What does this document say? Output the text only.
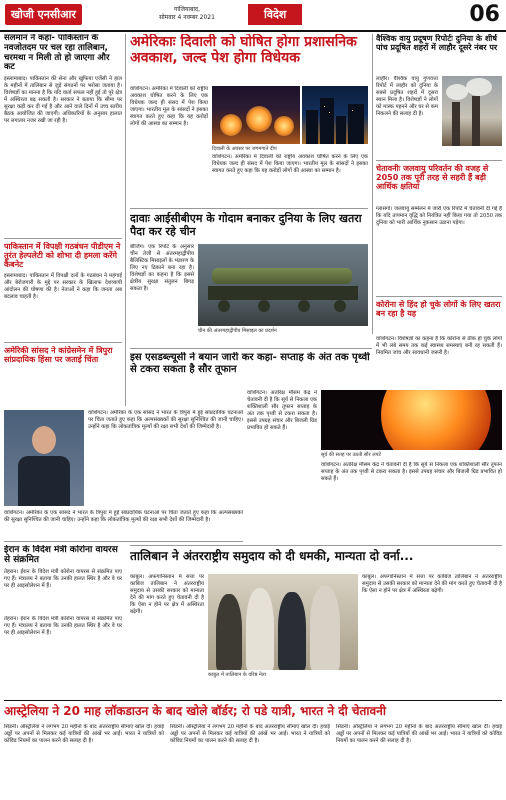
खोजी एनसीआर	गाजियाबाद,
सोमवार 4 नवम्बर 2021	विदेश	06
सलमान ने कहा- पाकिस्तान के नवजोतदम पर चल रहा तालिबान, चरमथा न मिली तो हो जाएगा और कट

इस्लामाबाद। पाकिस्तान की सेना और खुफिया एजेंसी ने हाल के महीनों में तालिबान से जुड़े संगठनों पर भरोसा जताया है। विशेषज्ञों का मानना है कि यदि वार्ता सफल नहीं हुई तो पूरे क्षेत्र में अस्थिरता बढ़ सकती है। सरकार ने बताया कि सीमा पर सुरक्षा कड़ी कर दी गई है और आने वाले दिनों में उच्च स्तरीय बैठक आयोजित की जाएगी। अधिकारियों के अनुसार हालात पर लगातार नजर रखी जा रही है।

पाकिस्तान में विपक्षी गठबंधन पीडीएम ने तुरंत हेल्पलेटी को शोभा दी हमला करेंगे कैबनेट

इस्लामाबाद। पाकिस्तान में विपक्षी दलों के गठबंधन ने महंगाई और बेरोजगारी के मुद्दे पर सरकार के खिलाफ देशव्यापी आंदोलन की घोषणा की है। नेताओं ने कहा कि जनता अब बदलाव चाहती है।

अमेरिकी सांसद ने कांग्रेसमेन में त्रिपुरा सांप्रदायिक हिंसा पर जताई चिंता

वाशिंगटन। अमेरिका के एक सांसद ने भारत के त्रिपुरा में हुई सांप्रदायिक घटनाओं पर चिंता जताते हुए कहा कि अल्पसंख्यकों की सुरक्षा सुनिश्चित की जानी चाहिए। उन्होंने कहा कि लोकतांत्रिक मूल्यों की रक्षा सभी देशों की जिम्मेदारी है।

वाशिंगटन। अमेरिका के एक सांसद ने भारत के त्रिपुरा में हुई सांप्रदायिक घटनाओं पर चिंता जताते हुए कहा कि अल्पसंख्यकों की सुरक्षा सुनिश्चित की जानी चाहिए। उन्होंने कहा कि लोकतांत्रिक मूल्यों की रक्षा सभी देशों की जिम्मेदारी है।

ईरान के विदेश मंत्री कोरोना वायरस से संक्रमित

तेहरान। ईरान के विदेश मंत्री कोरोना वायरस से संक्रमित पाए गए हैं। मंत्रालय ने बताया कि उनकी हालत स्थिर है और वे घर पर ही आइसोलेशन में हैं।

अमेरिकाः दिवाली को घोषित होगा प्रशासनिक अवकाश, जल्द पेश होगा विधेयक

वाशिंगटन। अमेरिका में दिवाली को राष्ट्रीय अवकाश घोषित करने के लिए एक विधेयक जल्द ही संसद में पेश किया जाएगा। भारतीय मूल के सांसदों ने इसका स्वागत करते हुए कहा कि यह करोड़ों लोगों की आस्था का सम्मान है।

दिवाली के अवसर पर जगमगाते दीप

वाशिंगटन। अमेरिका में दिवाली को राष्ट्रीय अवकाश घोषित करने के लिए एक विधेयक जल्द ही संसद में पेश किया जाएगा। भारतीय मूल के सांसदों ने इसका स्वागत करते हुए कहा कि यह करोड़ों लोगों की आस्था का सम्मान है।

दावाः आईसीबीएम के गोदाम बनाकर दुनिया के लिए खतरा पैदा कर रहे चीन

बीजिंग। एक रिपोर्ट के अनुसार चीन तेजी से अंतरमहाद्वीपीय बैलिस्टिक मिसाइलों के भंडारण के लिए नए ठिकाने बना रहा है। विशेषज्ञों का कहना है कि इससे क्षेत्रीय सुरक्षा संतुलन बिगड़ सकता है।

चीन की अंतरमहाद्वीपीय मिसाइल का प्रदर्शन
वैश्विक वायु प्रदूषण रिपोर्टः दुनिया के शीर्ष पांच प्रदूषित शहरों में लाहौर दूसरे नंबर पर

लाहौर। वैश्विक वायु गुणवत्ता रिपोर्ट में लाहौर को दुनिया के सबसे प्रदूषित शहरों में दूसरा स्थान मिला है। विशेषज्ञों ने लोगों को मास्क पहनने और घर से कम निकलने की सलाह दी है।

चेतावनीः जलवायु परिवर्तन की वजह से 2050 तक पूरी तरह से सहरी हैं बड़ी आर्थिक क्षतियां

ग्लासगो। जलवायु सम्मेलन में जारी एक रिपोर्ट में चेतावनी दी गई है कि यदि तापमान वृद्धि को नियंत्रित नहीं किया गया तो 2050 तक दुनिया को भारी आर्थिक नुकसान उठाना पड़ेगा।

कोरोना से हिंद हो चुके लोगों के लिए खतरा बन रहा है यह

वाशिंगटन। विशेषज्ञों का कहना है कि कोरोना से ठीक हो चुके लोगों में भी लंबे समय तक कई स्वास्थ्य समस्याएं बनी रह सकती हैं। नियमित जांच और सावधानी जरूरी है।

इस एसडब्ल्यूसी ने बयान जारी कर कहा- सप्ताह के अंत तक पृथ्वी से टकरा सकता है सौर तूफान

वाशिंगटन। अंतरिक्ष मौसम केंद्र ने चेतावनी दी है कि सूर्य से निकला एक शक्तिशाली सौर तूफान सप्ताह के अंत तक पृथ्वी से टकरा सकता है। इससे उपग्रह संचार और बिजली ग्रिड प्रभावित हो सकते हैं।

सूर्य की सतह पर उठती सौर लपटें

वाशिंगटन। अंतरिक्ष मौसम केंद्र ने चेतावनी दी है कि सूर्य से निकला एक शक्तिशाली सौर तूफान सप्ताह के अंत तक पृथ्वी से टकरा सकता है। इससे उपग्रह संचार और बिजली ग्रिड प्रभावित हो सकते हैं।

तालिबान ने अंतरराष्ट्रीय समुदाय को दी धमकी, मान्यता दो वर्ना...

काबुल। अफगानिस्तान में सत्ता पर काबिज तालिबान ने अंतरराष्ट्रीय समुदाय से उसकी सरकार को मान्यता देने की मांग करते हुए चेतावनी दी है कि ऐसा न होने पर क्षेत्र में अस्थिरता बढ़ेगी।

काबुल में तालिबान के वरिष्ठ नेता

काबुल। अफगानिस्तान में सत्ता पर काबिज तालिबान ने अंतरराष्ट्रीय समुदाय से उसकी सरकार को मान्यता देने की मांग करते हुए चेतावनी दी है कि ऐसा न होने पर क्षेत्र में अस्थिरता बढ़ेगी।

तेहरान। ईरान के विदेश मंत्री कोरोना वायरस से संक्रमित पाए गए हैं। मंत्रालय ने बताया कि उनकी हालत स्थिर है और वे घर पर ही आइसोलेशन में हैं।

आस्ट्रेलिया ने 20 माह लॉकडाउन के बाद खोले बॉर्डर; रो पडे यात्री, भारत ने दी चेतावनी

सिडनी। ऑस्ट्रेलिया ने लगभग 20 महीनों के बाद अंतरराष्ट्रीय सीमाएं खोल दीं। हवाई अड्डों पर अपनों से मिलकर कई यात्रियों की आंखें भर आईं। भारत ने यात्रियों को कोविड नियमों का पालन करने की सलाह दी है।

सिडनी। ऑस्ट्रेलिया ने लगभग 20 महीनों के बाद अंतरराष्ट्रीय सीमाएं खोल दीं। हवाई अड्डों पर अपनों से मिलकर कई यात्रियों की आंखें भर आईं। भारत ने यात्रियों को कोविड नियमों का पालन करने की सलाह दी है।

सिडनी। ऑस्ट्रेलिया ने लगभग 20 महीनों के बाद अंतरराष्ट्रीय सीमाएं खोल दीं। हवाई अड्डों पर अपनों से मिलकर कई यात्रियों की आंखें भर आईं। भारत ने यात्रियों को कोविड नियमों का पालन करने की सलाह दी है।
